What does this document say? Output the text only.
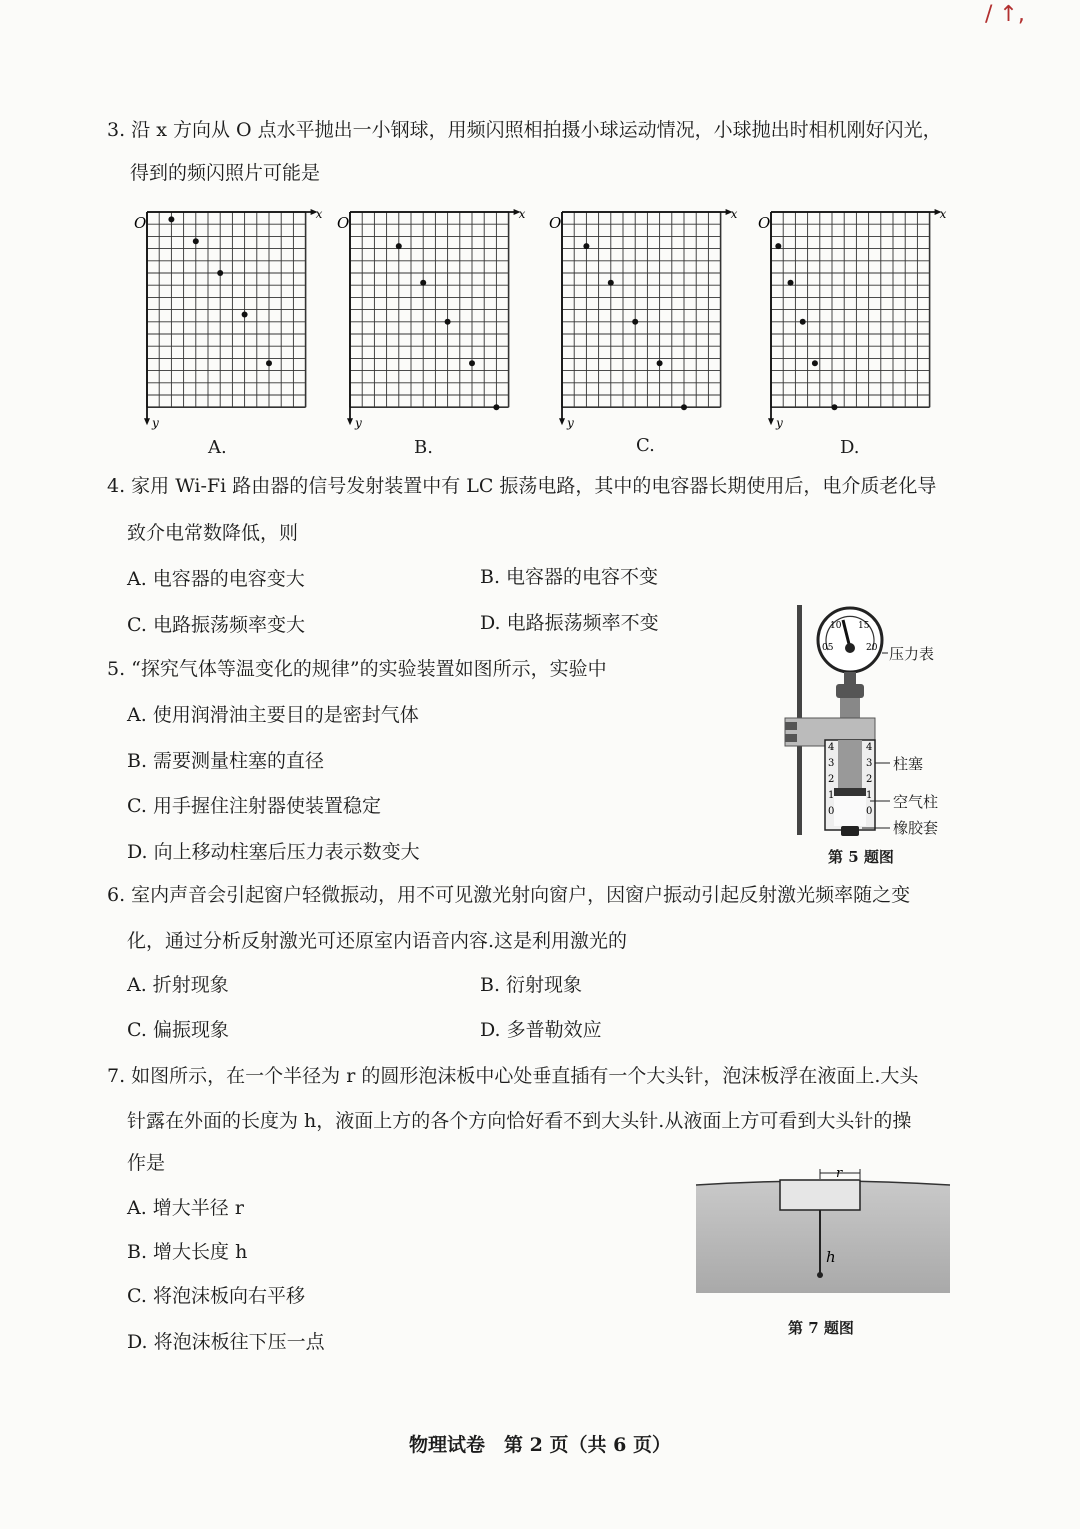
/ ↑,
3. 沿 x 方向从 O 点水平抛出一小钢球，用频闪照相拍摄小球运动情况，小球抛出时相机刚好闪光，
得到的频闪照片可能是
O	x
y
O	x
y
O	x
y
O	x
y
A.	B.	C.	D.
4. 家用 Wi-Fi 路由器的信号发射装置中有 LC 振荡电路，其中的电容器长期使用后，电介质老化导
致介电常数降低，则
A. 电容器的电容变大	B. 电容器的电容不变
C. 电路振荡频率变大	D. 电路振荡频率不变
5. “探究气体等温变化的规律”的实验装置如图所示，实验中
A. 使用润滑油主要目的是密封气体
B. 需要测量柱塞的直径
C. 用手握住注射器使装置稳定
D. 向上移动柱塞后压力表示数变大
05
10 15
20
4
3
2
1
0
4
3
2
1
0
压力表
柱塞
空气柱
橡胶套
第 5 题图
6. 室内声音会引起窗户轻微振动，用不可见激光射向窗户，因窗户振动引起反射激光频率随之变
化，通过分析反射激光可还原室内语音内容.这是利用激光的
A. 折射现象	B. 衍射现象
C. 偏振现象	D. 多普勒效应
7. 如图所示，在一个半径为 r 的圆形泡沫板中心处垂直插有一个大头针，泡沫板浮在液面上.大头
针露在外面的长度为 h，液面上方的各个方向恰好看不到大头针.从液面上方可看到大头针的操
作是
A. 增大半径 r
B. 增大长度 h
C. 将泡沫板向右平移
D. 将泡沫板往下压一点
r
h
第 7 题图
物理试卷　第 2 页（共 6 页）
